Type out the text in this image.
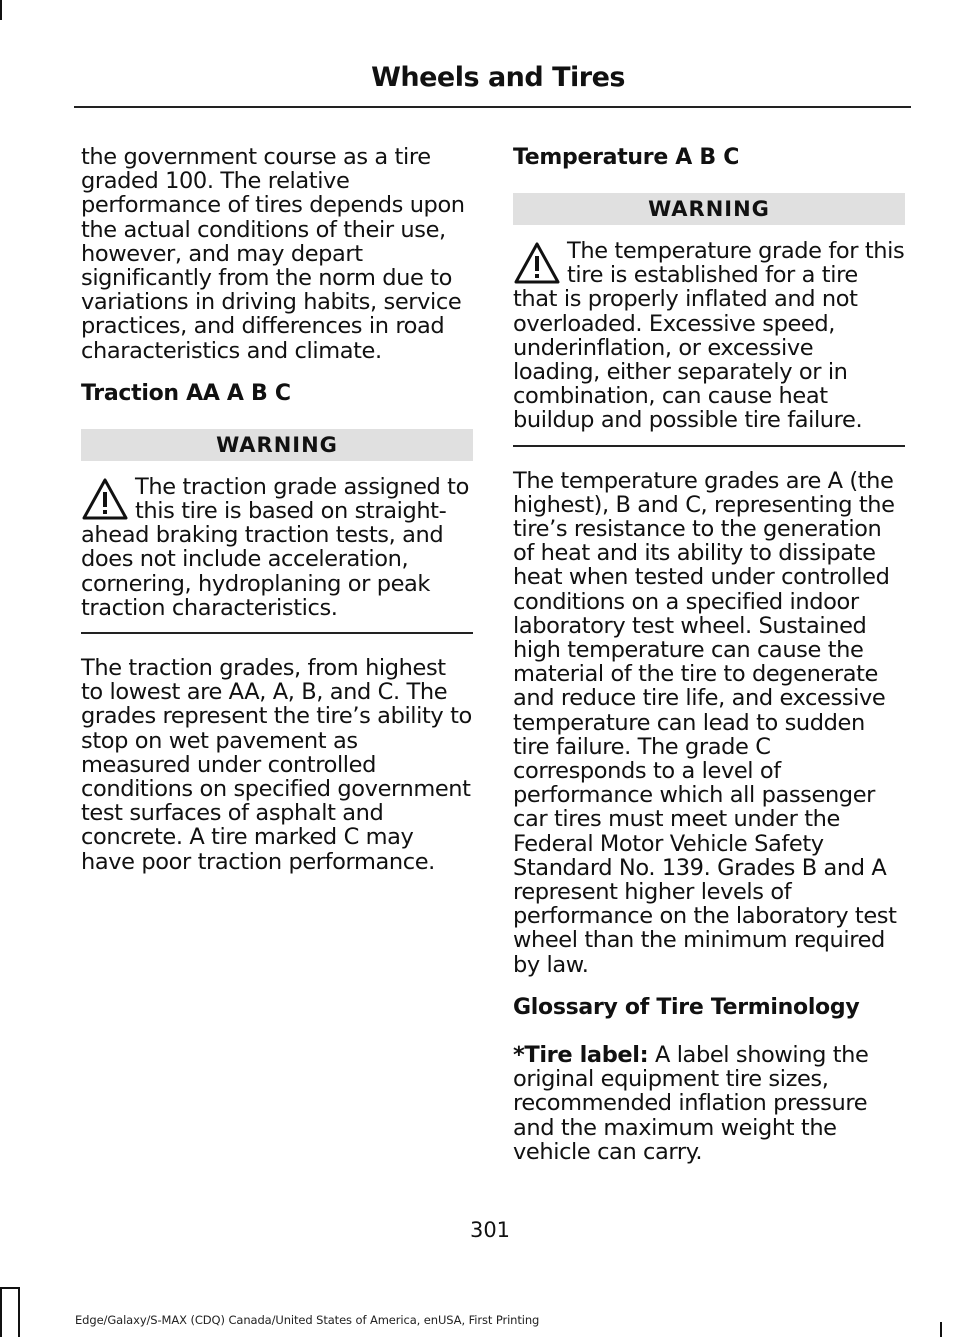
Wheels and Tires

the government course as a tire graded 100. The relative performance of tires depends upon the actual conditions of their use, however, and may depart significantly from the norm due to variations in driving habits, service practices, and differences in road characteristics and climate.

Traction AA A B C
WARNING
The traction grade assigned to this tire is based on straight-ahead braking traction tests, and does not include acceleration, cornering, hydroplaning or peak traction characteristics.

The traction grades, from highest to lowest are AA, A, B, and C. The grades represent the tire’s ability to stop on wet pavement as measured under controlled conditions on specified government test surfaces of asphalt and concrete. A tire marked C may have poor traction performance.

Temperature A B C
WARNING
The temperature grade for this tire is established for a tire that is properly inflated and not overloaded. Excessive speed, underinflation, or excessive loading, either separately or in combination, can cause heat buildup and possible tire failure.

The temperature grades are A (the highest), B and C, representing the tire’s resistance to the generation of heat and its ability to dissipate heat when tested under controlled conditions on a specified indoor laboratory test wheel. Sustained high temperature can cause the material of the tire to degenerate and reduce tire life, and excessive temperature can lead to sudden tire failure. The grade C corresponds to a level of performance which all passenger car tires must meet under the Federal Motor Vehicle Safety Standard No. 139. Grades B and A represent higher levels of performance on the laboratory test wheel than the minimum required by law.

Glossary of Tire Terminology

*Tire label: A label showing the original equipment tire sizes, recommended inflation pressure and the maximum weight the vehicle can carry.

301
Edge/Galaxy/S-MAX (CDQ) Canada/United States of America, enUSA, First Printing
